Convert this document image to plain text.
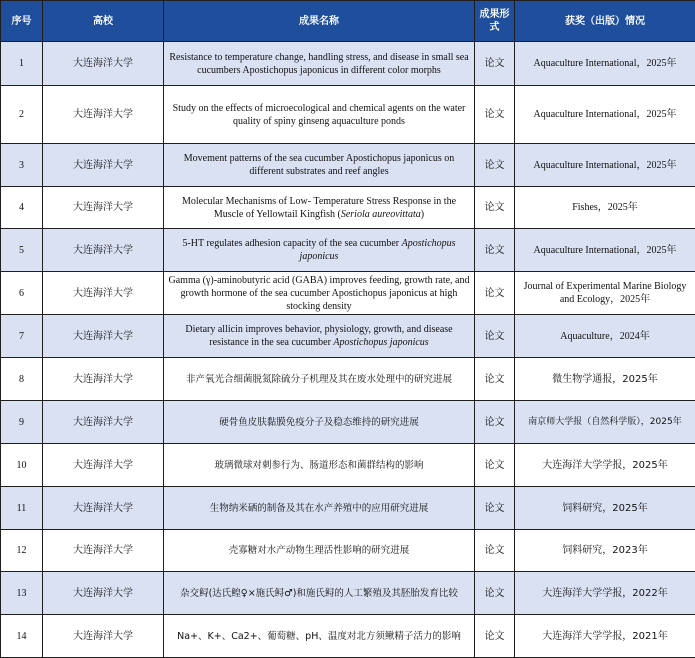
序号	高校	成果名称	成果形式	获奖（出版）情况
1	大连海洋大学	Resistance to temperature change, handling stress, and disease in small sea cucumbers Apostichopus japonicus in different color morphs	论文	Aquaculture International，2025年
2	大连海洋大学	Study on the effects of microecological and chemical agents on the water quality of spiny ginseng aquaculture ponds	论文	Aquaculture International，2025年
3	大连海洋大学	Movement patterns of the sea cucumber Apostichopus japonicus on different substrates and reef angles	论文	Aquaculture International，2025年
4	大连海洋大学	Molecular Mechanisms of Low- Temperature Stress Response in the Muscle of Yellowtail Kingfish (Seriola aureovittata)	论文	Fishes，2025年
5	大连海洋大学	5-HT regulates adhesion capacity of the sea cucumber Apostichopus japonicus	论文	Aquaculture International，2025年
6	大连海洋大学	Gamma (γ)-aminobutyric acid (GABA) improves feeding, growth rate, and growth hormone of the sea cucumber Apostichopus japonicus at high stocking density	论文	Journal of Experimental Marine Biology and Ecology，2025年
7	大连海洋大学	Dietary allicin improves behavior, physiology, growth, and disease resistance in the sea cucumber Apostichopus japonicus	论文	Aquaculture，2024年
8	大连海洋大学	非产氧光合细菌脱氮除硫分子机理及其在废水处理中的研究进展	论文	微生物学通报，2025年
9	大连海洋大学	硬骨鱼皮肤黏膜免疫分子及稳态维持的研究进展	论文	南京师大学报（自然科学版），2025年
10	大连海洋大学	玻璃微球对刺参行为、肠道形态和菌群结构的影响	论文	大连海洋大学学报，2025年
11	大连海洋大学	生物纳米硒的制备及其在水产养殖中的应用研究进展	论文	饲料研究，2025年
12	大连海洋大学	壳寡糖对水产动物生理活性影响的研究进展	论文	饲料研究，2023年
13	大连海洋大学	杂交鲟(达氏鳇♀×施氏鲟♂)和施氏鲟的人工繁殖及其胚胎发育比较	论文	大连海洋大学学报，2022年
14	大连海洋大学	Na+、K+、Ca2+、葡萄糖、pH、温度对北方须鳅精子活力的影响	论文	大连海洋大学学报，2021年
